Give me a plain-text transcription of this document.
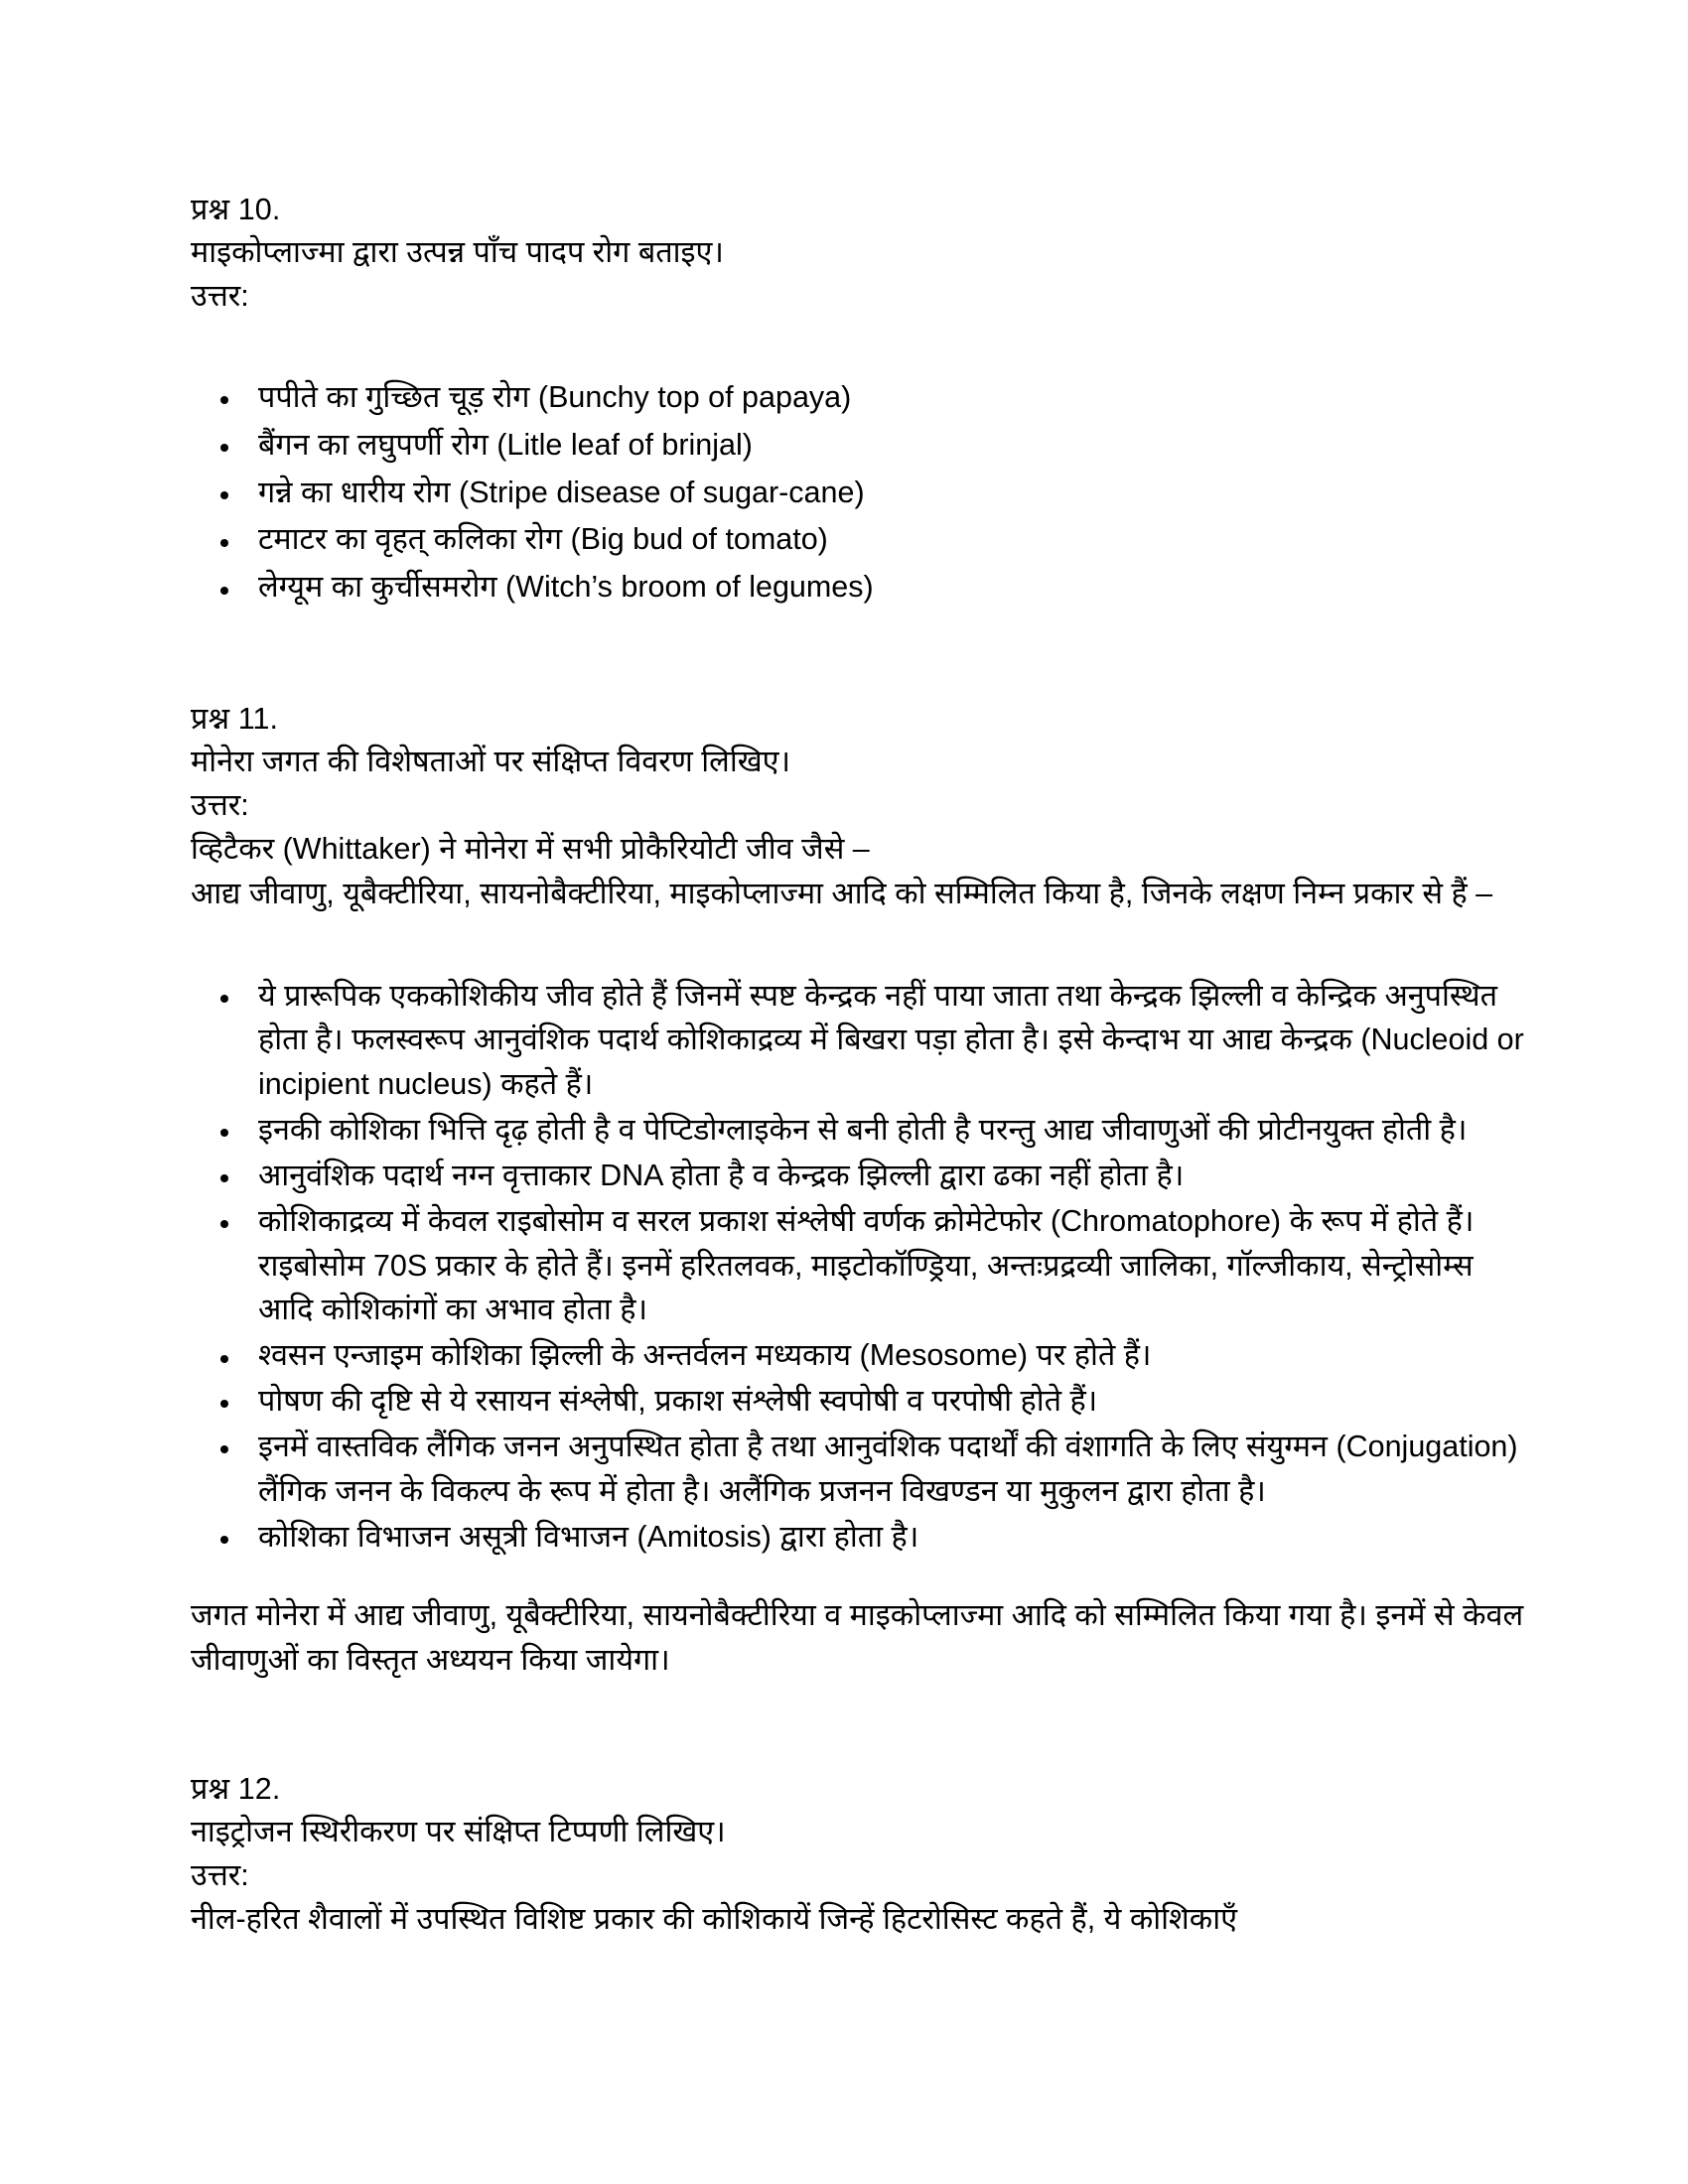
प्रश्न 10.

माइकोप्लाज्मा द्वारा उत्पन्न पाँच पादप रोग बताइए।

उत्तर:

पपीते का गुच्छित चूड़ रोग (Bunchy top of papaya)
बैंगन का लघुपर्णी रोग (Litle leaf of brinjal)
गन्ने का धारीय रोग (Stripe disease of sugar-cane)
टमाटर का वृहत् कलिका रोग (Big bud of tomato)
लेग्यूम का कुर्चीसमरोग (Witch’s broom of legumes)

प्रश्न 11.

मोनेरा जगत की विशेषताओं पर संक्षिप्त विवरण लिखिए।

उत्तर:

व्हिटैकर (Whittaker) ने मोनेरा में सभी प्रोकैरियोटी जीव जैसे –

आद्य जीवाणु, यूबैक्टीरिया, सायनोबैक्टीरिया, माइकोप्लाज्मा आदि को सम्मिलित किया है, जिनके लक्षण निम्न प्रकार से हैं –

ये प्रारूपिक एककोशिकीय जीव होते हैं जिनमें स्पष्ट केन्द्रक नहीं पाया जाता तथा केन्द्रक झिल्ली व केन्द्रिक अनुपस्थित होता है। फलस्वरूप आनुवंशिक पदार्थ कोशिकाद्रव्य में बिखरा पड़ा होता है। इसे केन्दाभ या आद्य केन्द्रक (Nucleoid or incipient nucleus) कहते हैं।
इनकी कोशिका भित्ति दृढ़ होती है व पेप्टिडोग्लाइकेन से बनी होती है परन्तु आद्य जीवाणुओं की प्रोटीनयुक्त होती है।
आनुवंशिक पदार्थ नग्न वृत्ताकार DNA होता है व केन्द्रक झिल्ली द्वारा ढका नहीं होता है।
कोशिकाद्रव्य में केवल राइबोसोम व सरल प्रकाश संश्लेषी वर्णक क्रोमेटेफोर (Chromatophore) के रूप में होते हैं। राइबोसोम 70S प्रकार के होते हैं। इनमें हरितलवक, माइटोकॉण्ड्रिया, अन्तःप्रद्रव्यी जालिका, गॉल्जीकाय, सेन्ट्रोसोम्स आदि कोशिकांगों का अभाव होता है।
श्वसन एन्जाइम कोशिका झिल्ली के अन्तर्वलन मध्यकाय (Mesosome) पर होते हैं।
पोषण की दृष्टि से ये रसायन संश्लेषी, प्रकाश संश्लेषी स्वपोषी व परपोषी होते हैं।
इनमें वास्तविक लैंगिक जनन अनुपस्थित होता है तथा आनुवंशिक पदार्थों की वंशागति के लिए संयुग्मन (Conjugation) लैंगिक जनन के विकल्प के रूप में होता है। अलैंगिक प्रजनन विखण्डन या मुकुलन द्वारा होता है।
कोशिका विभाजन असूत्री विभाजन (Amitosis) द्वारा होता है।

जगत मोनेरा में आद्य जीवाणु, यूबैक्टीरिया, सायनोबैक्टीरिया व माइकोप्लाज्मा आदि को सम्मिलित किया गया है। इनमें से केवल जीवाणुओं का विस्तृत अध्ययन किया जायेगा।

प्रश्न 12.

नाइट्रोजन स्थिरीकरण पर संक्षिप्त टिप्पणी लिखिए।

उत्तर:

नील-हरित शैवालों में उपस्थित विशिष्ट प्रकार की कोशिकायें जिन्हें हिटरोसिस्ट कहते हैं, ये कोशिकाएँ
